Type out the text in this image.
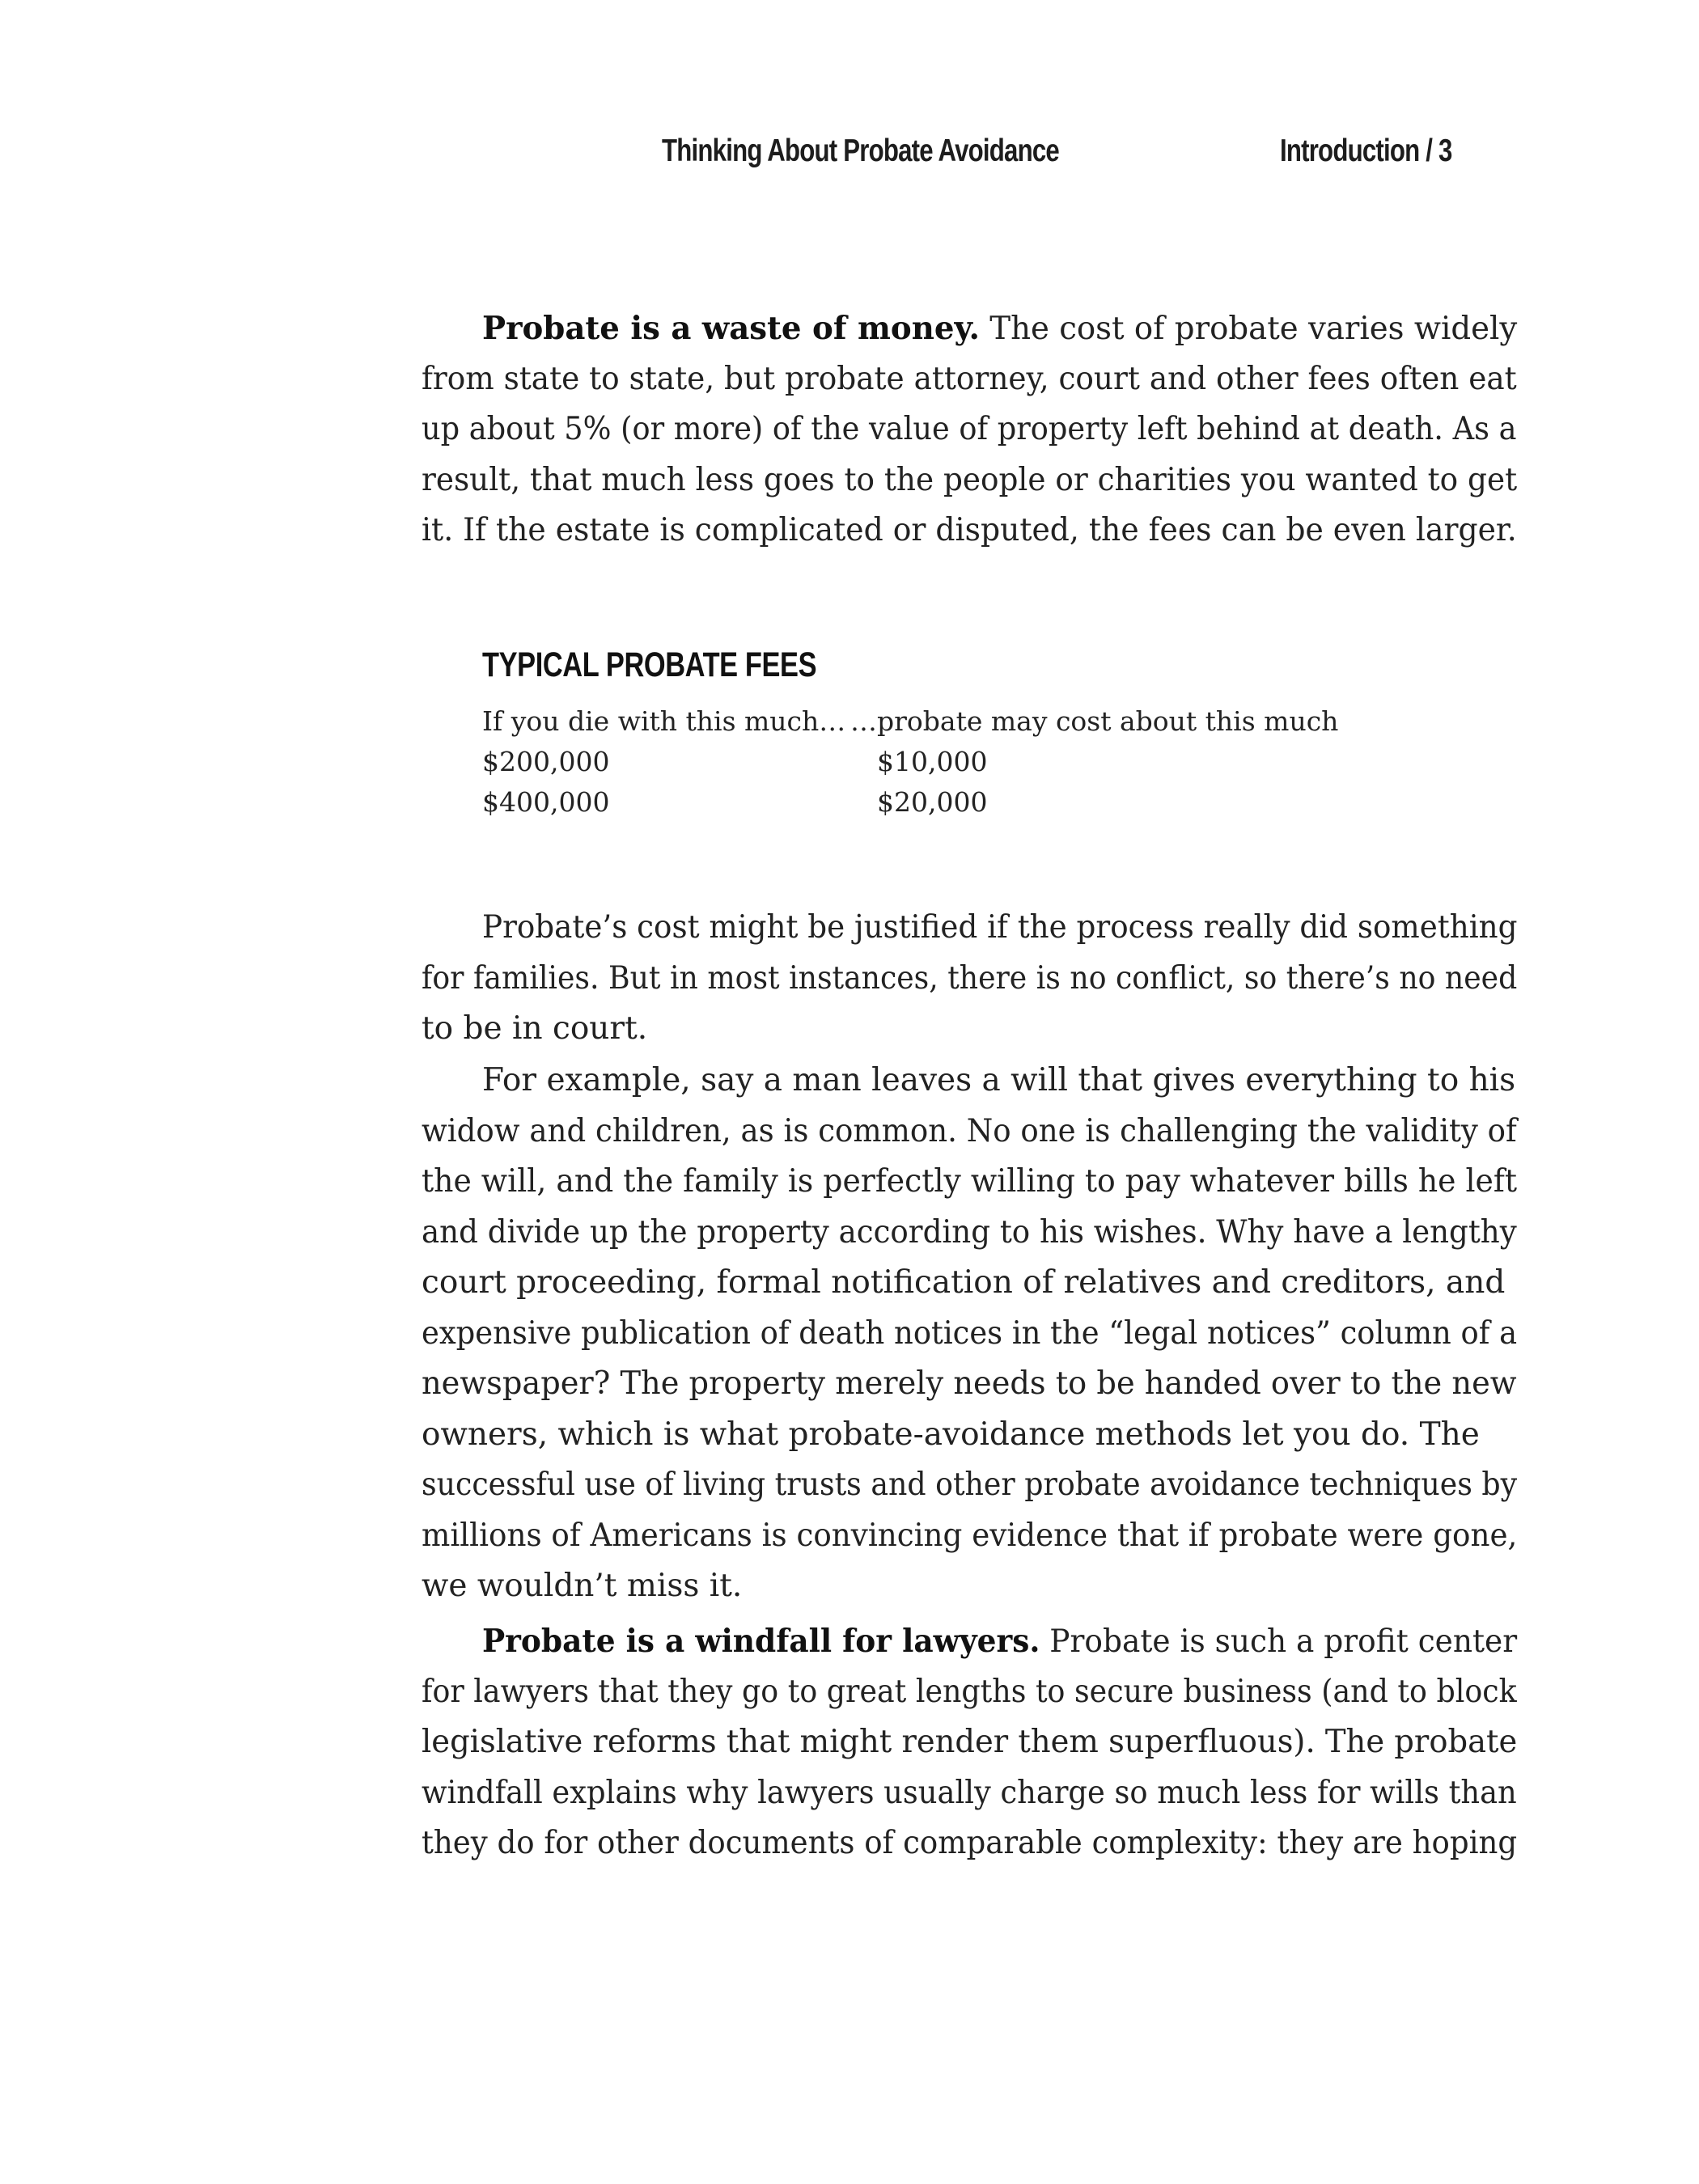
Thinking About Probate Avoidance	Introduction / 3
Probate is a waste of money. The cost of probate varies widely
from state to state, but probate attorney, court and other fees often eat
up about 5% (or more) of the value of property left behind at death. As a
result, that much less goes to the people or charities you wanted to get
it. If the estate is complicated or disputed, the fees can be even larger.
TYPICAL PROBATE FEES
If you die with this much… …probate may cost about this much
$200,000	$10,000
$400,000	$20,000
Probate’s cost might be justified if the process really did something
for families. But in most instances, there is no conflict, so there’s no need
to be in court.
For example, say a man leaves a will that gives everything to his
widow and children, as is common. No one is challenging the validity of
the will, and the family is perfectly willing to pay whatever bills he left
and divide up the property according to his wishes. Why have a lengthy
court proceeding, formal notification of relatives and creditors, and
expensive publication of death notices in the “legal notices” column of a
newspaper? The property merely needs to be handed over to the new
owners, which is what probate-avoidance methods let you do. The
successful use of living trusts and other probate avoidance techniques by
millions of Americans is convincing evidence that if probate were gone,
we wouldn’t miss it.
Probate is a windfall for lawyers. Probate is such a profit center
for lawyers that they go to great lengths to secure business (and to block
legislative reforms that might render them superfluous). The probate
windfall explains why lawyers usually charge so much less for wills than
they do for other documents of comparable complexity: they are hoping
